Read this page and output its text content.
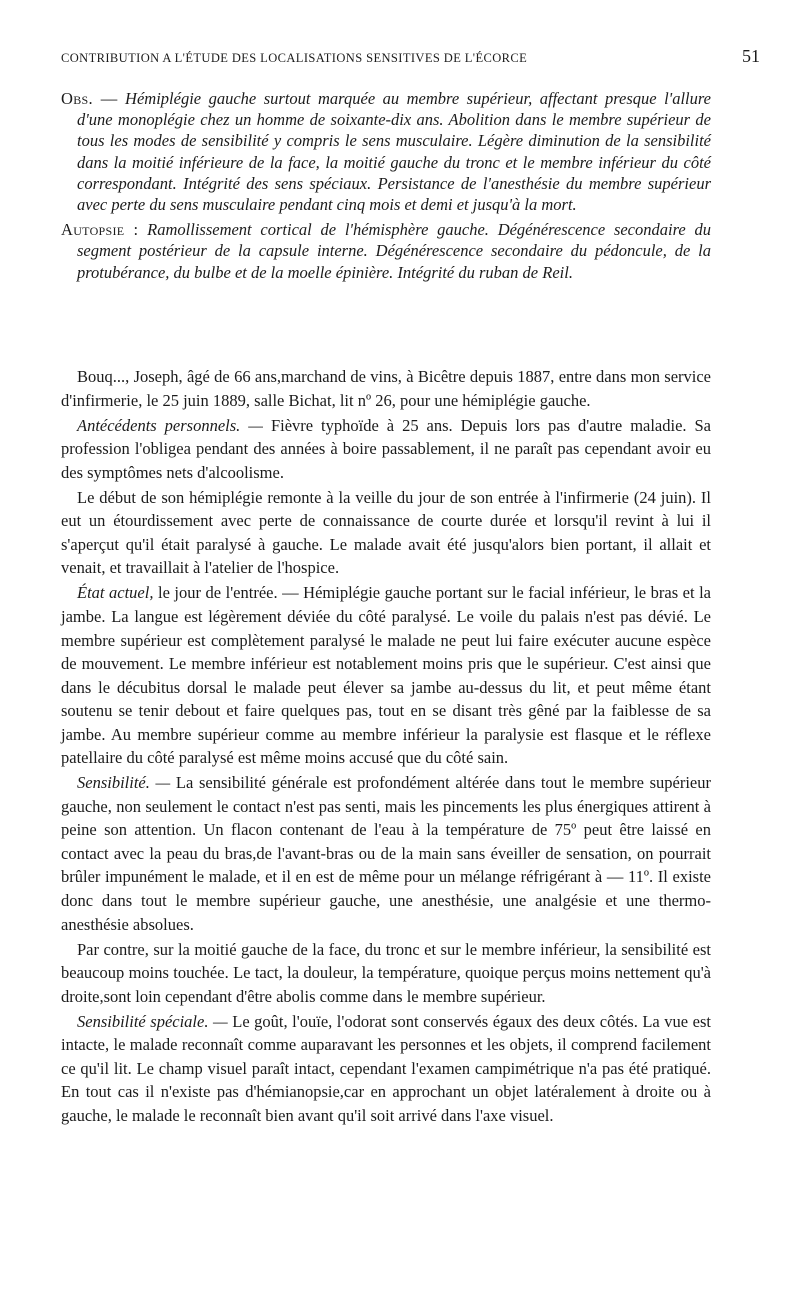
CONTRIBUTION A L'ÉTUDE DES LOCALISATIONS SENSITIVES DE L'ÉCORCE	51

Obs. — Hémiplégie gauche surtout marquée au membre supérieur, affectant presque l'allure d'une monoplégie chez un homme de soixante-dix ans. Abolition dans le membre supérieur de tous les modes de sensibilité y compris le sens musculaire. Légère diminution de la sensibilité dans la moitié inférieure de la face, la moitié gauche du tronc et le membre inférieur du côté correspondant. Intégrité des sens spéciaux. Persistance de l'anesthésie du membre supérieur avec perte du sens musculaire pendant cinq mois et demi et jusqu'à la mort.

Autopsie : Ramollissement cortical de l'hémisphère gauche. Dégénérescence secondaire du segment postérieur de la capsule interne. Dégénérescence secondaire du pédoncule, de la protubérance, du bulbe et de la moelle épinière. Intégrité du ruban de Reil.

Bouq..., Joseph, âgé de 66 ans,marchand de vins, à Bicêtre depuis 1887, entre dans mon service d'infirmerie, le 25 juin 1889, salle Bichat, lit nº 26, pour une hémiplégie gauche.

Antécédents personnels. — Fièvre typhoïde à 25 ans. Depuis lors pas d'autre maladie. Sa profession l'obligea pendant des années à boire passablement, il ne paraît pas cependant avoir eu des symptômes nets d'alcoolisme.

Le début de son hémiplégie remonte à la veille du jour de son entrée à l'infirmerie (24 juin). Il eut un étourdissement avec perte de connaissance de courte durée et lorsqu'il revint à lui il s'aperçut qu'il était paralysé à gauche. Le malade avait été jusqu'alors bien portant, il allait et venait, et travaillait à l'atelier de l'hospice.

État actuel, le jour de l'entrée. — Hémiplégie gauche portant sur le facial inférieur, le bras et la jambe. La langue est légèrement déviée du côté paralysé. Le voile du palais n'est pas dévié. Le membre supérieur est complètement paralysé le malade ne peut lui faire exécuter aucune espèce de mouvement. Le membre inférieur est notablement moins pris que le supérieur. C'est ainsi que dans le décubitus dorsal le malade peut élever sa jambe au-dessus du lit, et peut même étant soutenu se tenir debout et faire quelques pas, tout en se disant très gêné par la faiblesse de sa jambe. Au membre supérieur comme au membre inférieur la paralysie est flasque et le réflexe patellaire du côté paralysé est même moins accusé que du côté sain.

Sensibilité. — La sensibilité générale est profondément altérée dans tout le membre supérieur gauche, non seulement le contact n'est pas senti, mais les pincements les plus énergiques attirent à peine son attention. Un flacon contenant de l'eau à la température de 75º peut être laissé en contact avec la peau du bras,de l'avant-bras ou de la main sans éveiller de sensation, on pourrait brûler impunément le malade, et il en est de même pour un mélange réfrigérant à — 11º. Il existe donc dans tout le membre supérieur gauche, une anesthésie, une analgésie et une thermo-anesthésie absolues.

Par contre, sur la moitié gauche de la face, du tronc et sur le membre inférieur, la sensibilité est beaucoup moins touchée. Le tact, la douleur, la température, quoique perçus moins nettement qu'à droite,sont loin cependant d'être abolis comme dans le membre supérieur.

Sensibilité spéciale. — Le goût, l'ouïe, l'odorat sont conservés égaux des deux côtés. La vue est intacte, le malade reconnaît comme auparavant les personnes et les objets, il comprend facilement ce qu'il lit. Le champ visuel paraît intact, cependant l'examen campimétrique n'a pas été pratiqué. En tout cas il n'existe pas d'hémianopsie,car en approchant un objet latéralement à droite ou à gauche, le malade le reconnaît bien avant qu'il soit arrivé dans l'axe visuel.
